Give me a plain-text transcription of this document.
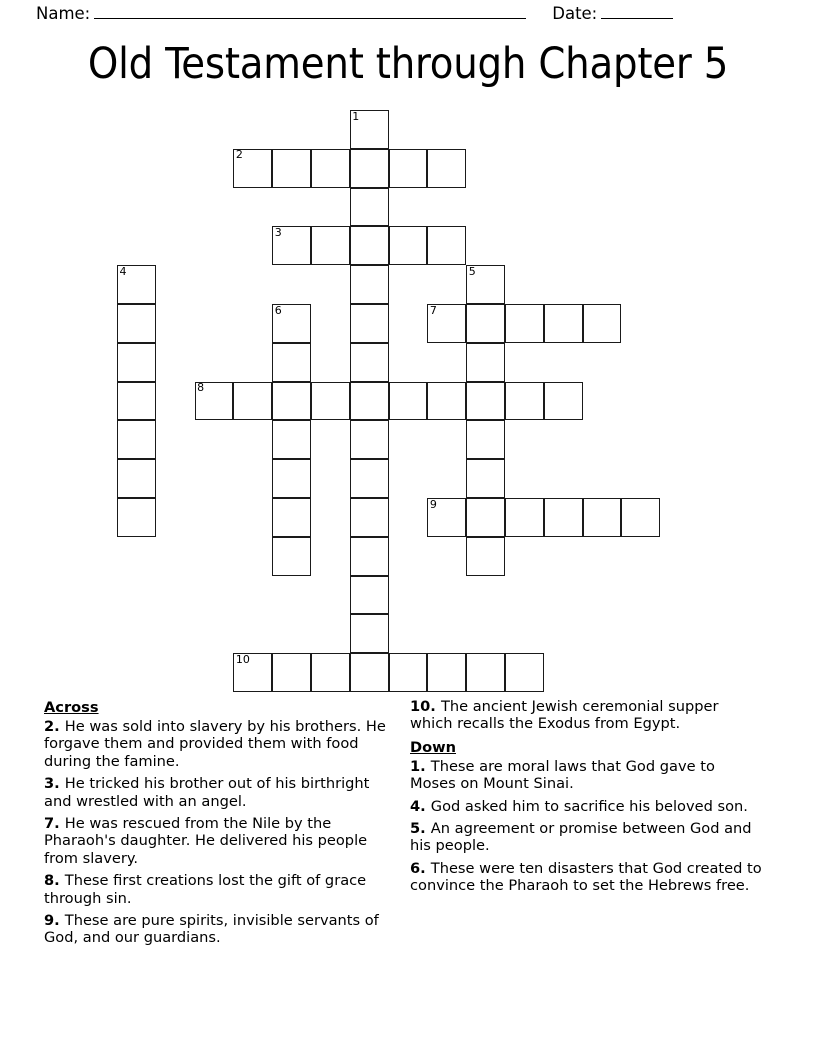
Name:	Date:
Old Testament through Chapter 5
1
2
3
4	5
6	7
8
9
10
Across

2. He was sold into slavery by his brothers. He forgave them and provided them with food during the famine.

3. He tricked his brother out of his birthright and wrestled with an angel.

7. He was rescued from the Nile by the Pharaoh's daughter. He delivered his people from slavery.

8. These first creations lost the gift of grace through sin.

9. These are pure spirits, invisible servants of God, and our guardians.

10. The ancient Jewish ceremonial supper which recalls the Exodus from Egypt.

Down

1. These are moral laws that God gave to Moses on Mount Sinai.

4. God asked him to sacrifice his beloved son.

5. An agreement or promise between God and his people.

6. These were ten disasters that God created to convince the Pharaoh to set the Hebrews free.
